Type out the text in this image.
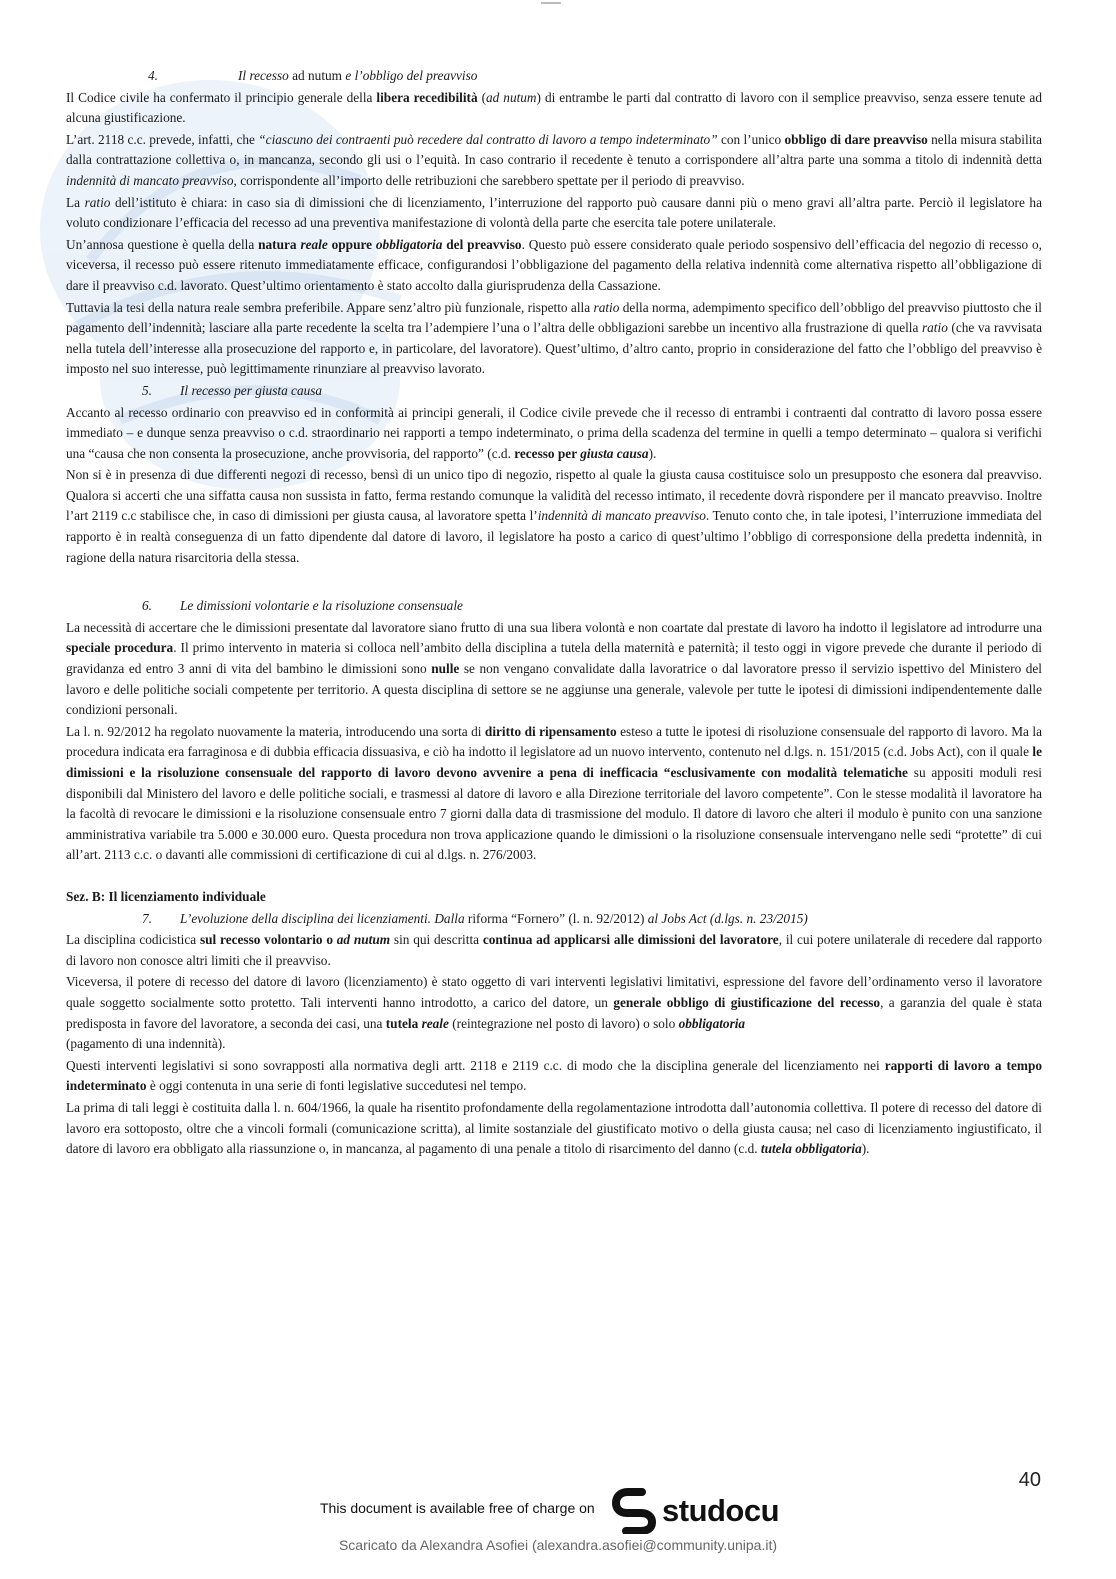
4.	Il recesso ad nutum e l’obbligo del preavviso

Il Codice civile ha confermato il principio generale della libera recedibilità (ad nutum) di entrambe le parti dal contratto di lavoro con il semplice preavviso, senza essere tenute ad alcuna giustificazione.

L’art. 2118 c.c. prevede, infatti, che “ciascuno dei contraenti può recedere dal contratto di lavoro a tempo indeterminato” con l’unico obbligo di dare preavviso nella misura stabilita dalla contrattazione collettiva o, in mancanza, secondo gli usi o l’equità. In caso contrario il recedente è tenuto a corrispondere all’altra parte una somma a titolo di indennità detta indennità di mancato preavviso, corrispondente all’importo delle retribuzioni che sarebbero spettate per il periodo di preavviso.

La ratio dell’istituto è chiara: in caso sia di dimissioni che di licenziamento, l’interruzione del rapporto può causare danni più o meno gravi all’altra parte. Perciò il legislatore ha voluto condizionare l’efficacia del recesso ad una preventiva manifestazione di volontà della parte che esercita tale potere unilaterale.

Un’annosa questione è quella della natura reale oppure obbligatoria del preavviso. Questo può essere considerato quale periodo sospensivo dell’efficacia del negozio di recesso o, viceversa, il recesso può essere ritenuto immediatamente efficace, configurandosi l’obbligazione del pagamento della relativa indennità come alternativa rispetto all’obbligazione di dare il preavviso c.d. lavorato. Quest’ultimo orientamento è stato accolto dalla giurisprudenza della Cassazione.

Tuttavia la tesi della natura reale sembra preferibile. Appare senz’altro più funzionale, rispetto alla ratio della norma, adempimento specifico dell’obbligo del preavviso piuttosto che il pagamento dell’indennità; lasciare alla parte recedente la scelta tra l’adempiere l’una o l’altra delle obbligazioni sarebbe un incentivo alla frustrazione di quella ratio (che va ravvisata nella tutela dell’interesse alla prosecuzione del rapporto e, in particolare, del lavoratore). Quest’ultimo, d’altro canto, proprio in considerazione del fatto che l’obbligo del preavviso è imposto nel suo interesse, può legittimamente rinunziare al preavviso lavorato.

5. Il recesso per giusta causa

Accanto al recesso ordinario con preavviso ed in conformità ai principi generali, il Codice civile prevede che il recesso di entrambi i contraenti dal contratto di lavoro possa essere immediato – e dunque senza preavviso o c.d. straordinario nei rapporti a tempo indeterminato, o prima della scadenza del termine in quelli a tempo determinato – qualora si verifichi una “causa che non consenta la prosecuzione, anche provvisoria, del rapporto” (c.d. recesso per giusta causa).

Non si è in presenza di due differenti negozi di recesso, bensì di un unico tipo di negozio, rispetto al quale la giusta causa costituisce solo un presupposto che esonera dal preavviso. Qualora si accerti che una siffatta causa non sussista in fatto, ferma restando comunque la validità del recesso intimato, il recedente dovrà rispondere per il mancato preavviso. Inoltre l’art 2119 c.c stabilisce che, in caso di dimissioni per giusta causa, al lavoratore spetta l’indennità di mancato preavviso. Tenuto conto che, in tale ipotesi, l’interruzione immediata del rapporto è in realtà conseguenza di un fatto dipendente dal datore di lavoro, il legislatore ha posto a carico di quest’ultimo l’obbligo di corresponsione della predetta indennità, in ragione della natura risarcitoria della stessa.

6. Le dimissioni volontarie e la risoluzione consensuale

La necessità di accertare che le dimissioni presentate dal lavoratore siano frutto di una sua libera volontà e non coartate dal prestate di lavoro ha indotto il legislatore ad introdurre una speciale procedura. Il primo intervento in materia si colloca nell’ambito della disciplina a tutela della maternità e paternità; il testo oggi in vigore prevede che durante il periodo di gravidanza ed entro 3 anni di vita del bambino le dimissioni sono nulle se non vengano convalidate dalla lavoratrice o dal lavoratore presso il servizio ispettivo del Ministero del lavoro e delle politiche sociali competente per territorio. A questa disciplina di settore se ne aggiunse una generale, valevole per tutte le ipotesi di dimissioni indipendentemente dalle condizioni personali.

La l. n. 92/2012 ha regolato nuovamente la materia, introducendo una sorta di diritto di ripensamento esteso a tutte le ipotesi di risoluzione consensuale del rapporto di lavoro. Ma la procedura indicata era farraginosa e di dubbia efficacia dissuasiva, e ciò ha indotto il legislatore ad un nuovo intervento, contenuto nel d.lgs. n. 151/2015 (c.d. Jobs Act), con il quale le dimissioni e la risoluzione consensuale del rapporto di lavoro devono avvenire a pena di inefficacia “esclusivamente con modalità telematiche su appositi moduli resi disponibili dal Ministero del lavoro e delle politiche sociali, e trasmessi al datore di lavoro e alla Direzione territoriale del lavoro competente”. Con le stesse modalità il lavoratore ha la facoltà di revocare le dimissioni e la risoluzione consensuale entro 7 giorni dalla data di trasmissione del modulo. Il datore di lavoro che alteri il modulo è punito con una sanzione amministrativa variabile tra 5.000 e 30.000 euro. Questa procedura non trova applicazione quando le dimissioni o la risoluzione consensuale intervengano nelle sedi “protette” di cui all’art. 2113 c.c. o davanti alle commissioni di certificazione di cui al d.lgs. n. 276/2003.

Sez. B: Il licenziamento individuale
7. L’evoluzione della disciplina dei licenziamenti. Dalla riforma “Fornero” (l. n. 92/2012) al Jobs Act (d.lgs. n. 23/2015)

La disciplina codicistica sul recesso volontario o ad nutum sin qui descritta continua ad applicarsi alle dimissioni del lavoratore, il cui potere unilaterale di recedere dal rapporto di lavoro non conosce altri limiti che il preavviso.

Viceversa, il potere di recesso del datore di lavoro (licenziamento) è stato oggetto di vari interventi legislativi limitativi, espressione del favore dell’ordinamento verso il lavoratore quale soggetto socialmente sotto protetto. Tali interventi hanno introdotto, a carico del datore, un generale obbligo di giustificazione del recesso, a garanzia del quale è stata predisposta in favore del lavoratore, a seconda dei casi, una tutela reale (reintegrazione nel posto di lavoro) o solo obbligatoria
(pagamento di una indennità).

Questi interventi legislativi si sono sovrapposti alla normativa degli artt. 2118 e 2119 c.c. di modo che la disciplina generale del licenziamento nei rapporti di lavoro a tempo indeterminato è oggi contenuta in una serie di fonti legislative succedutesi nel tempo.

La prima di tali leggi è costituita dalla l. n. 604/1966, la quale ha risentito profondamente della regolamentazione introdotta dall’autonomia collettiva. Il potere di recesso del datore di lavoro era sottoposto, oltre che a vincoli formali (comunicazione scritta), al limite sostanziale del giustificato motivo o della giusta causa; nel caso di licenziamento ingiustificato, il datore di lavoro era obbligato alla riassunzione o, in mancanza, al pagamento di una penale a titolo di risarcimento del danno (c.d. tutela obbligatoria).

40
This document is available free of charge on studocu
Scaricato da Alexandra Asofiei (alexandra.asofiei@community.unipa.it)
